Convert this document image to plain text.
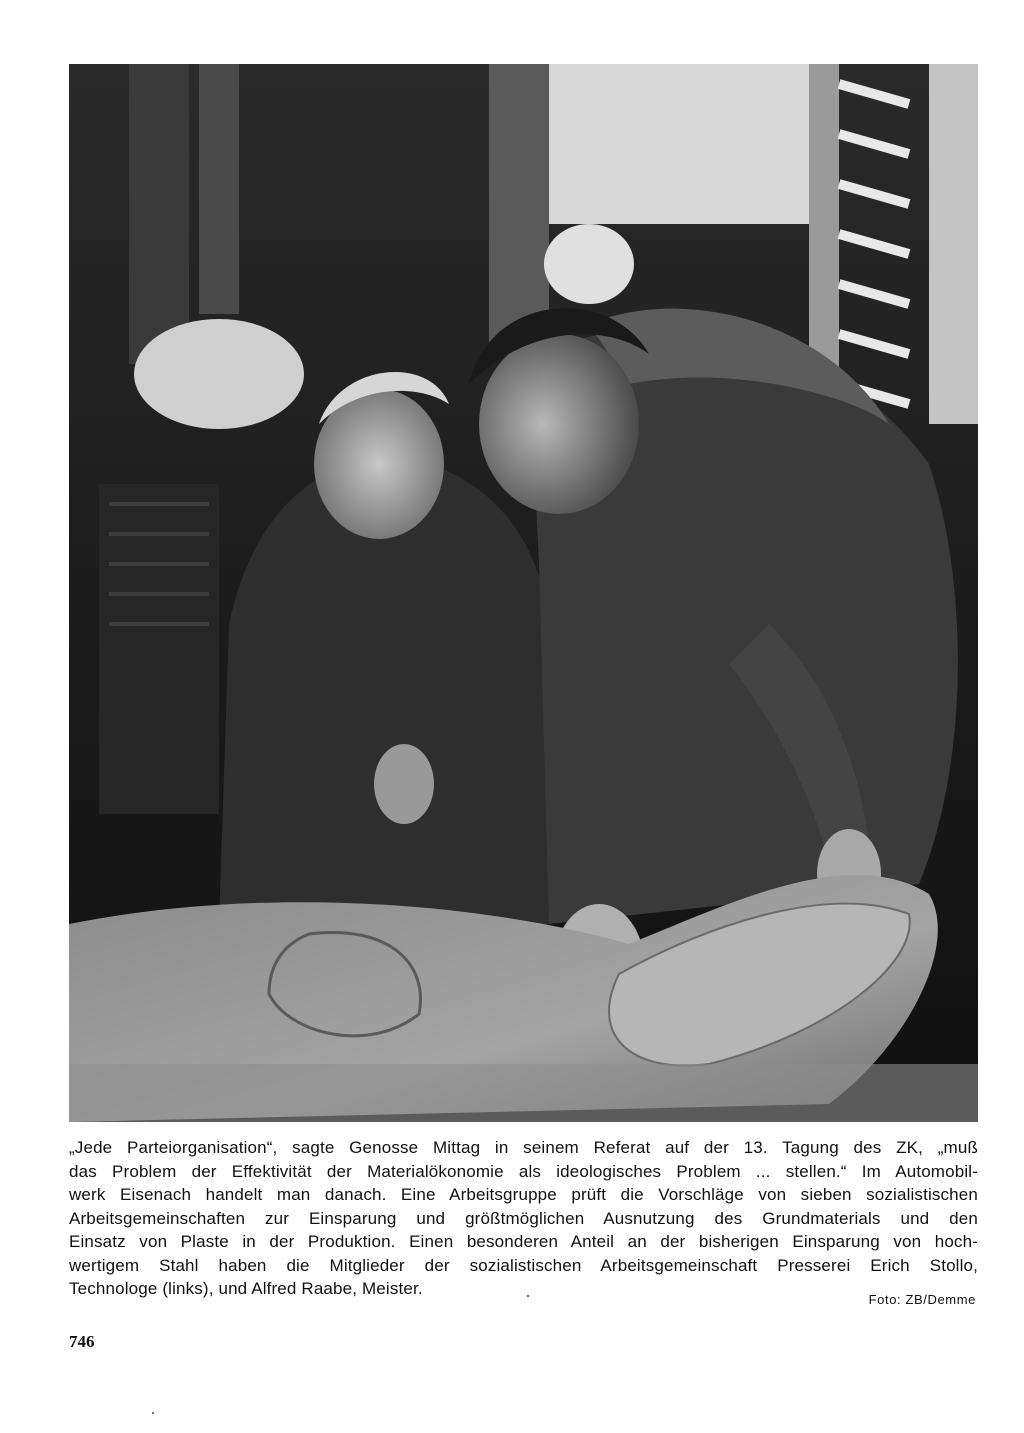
„Jede Parteiorganisation“, sagte Genosse Mittag in seinem Referat auf der 13. Tagung des ZK, „muß
das Problem der Effektivität der Materialökonomie als ideologisches Problem ... stellen.“ Im Automobil-
werk Eisenach handelt man danach. Eine Arbeitsgruppe prüft die Vorschläge von sieben sozialistischen
Arbeitsgemeinschaften zur Einsparung und größtmöglichen Ausnutzung des Grundmaterials und den
Einsatz von Plaste in der Produktion. Einen besonderen Anteil an der bisherigen Einsparung von hoch-
wertigem Stahl haben die Mitglieder der sozialistischen Arbeitsgemeinschaft Presserei Erich Stollo,
Technologe (links), und Alfred Raabe, Meister.

Foto: ZB/Demme
746
